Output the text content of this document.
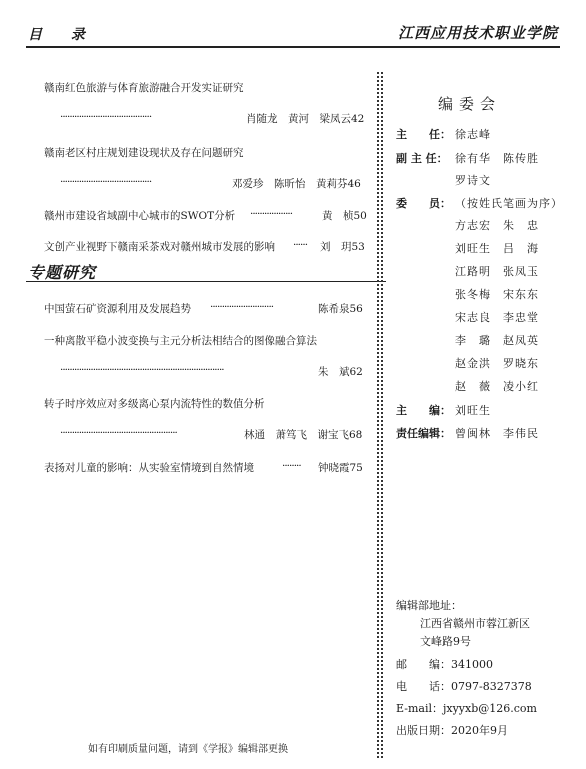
目 录	江西应用技术职业学院
赣南红色旅游与体育旅游融合开发实证研究
·······································	肖随龙　黄河　梁凤云42
赣南老区村庄规划建设现状及存在问题研究
·······································	邓爱珍　陈昕怡　黄莉芬46
赣州市建设省域副中心城市的SWOT分析 ··················	黄　桢50
文创产业视野下赣南采茶戏对赣州城市发展的影响 ······ 刘　玥53
专题研究
中国萤石矿资源利用及发展趋势 ···························	陈希泉56
一种离散平稳小波变换与主元分析法相结合的图像融合算法
······································································	朱　斌62
转子时序效应对多级离心泵内流特性的数值分析
··················································	林通　萧笃飞　谢宝飞68
表扬对儿童的影响：从实验室情境到自然情境	········ 钟晓霞75
编委会
主　　任： 徐志峰
副 主 任： 徐有华　陈传胜
罗诗文
委　　员： （按姓氏笔画为序）
方志宏　朱　忠
刘旺生　吕　海
江路明　张凤玉
张冬梅　宋东东
宋志良　李忠堂
李　璐　赵凤英
赵金洪　罗晓东
赵　薇　凌小红
主　　编： 刘旺生
责任编辑： 曾闽林　李伟民
编辑部地址：
江西省赣州市蓉江新区
文峰路9号
邮　　编：341000
电　　话：0797-8327378
E-mail：jxyyxb@126.com
出版日期：2020年9月
如有印刷质量问题，请到《学报》编辑部更换
